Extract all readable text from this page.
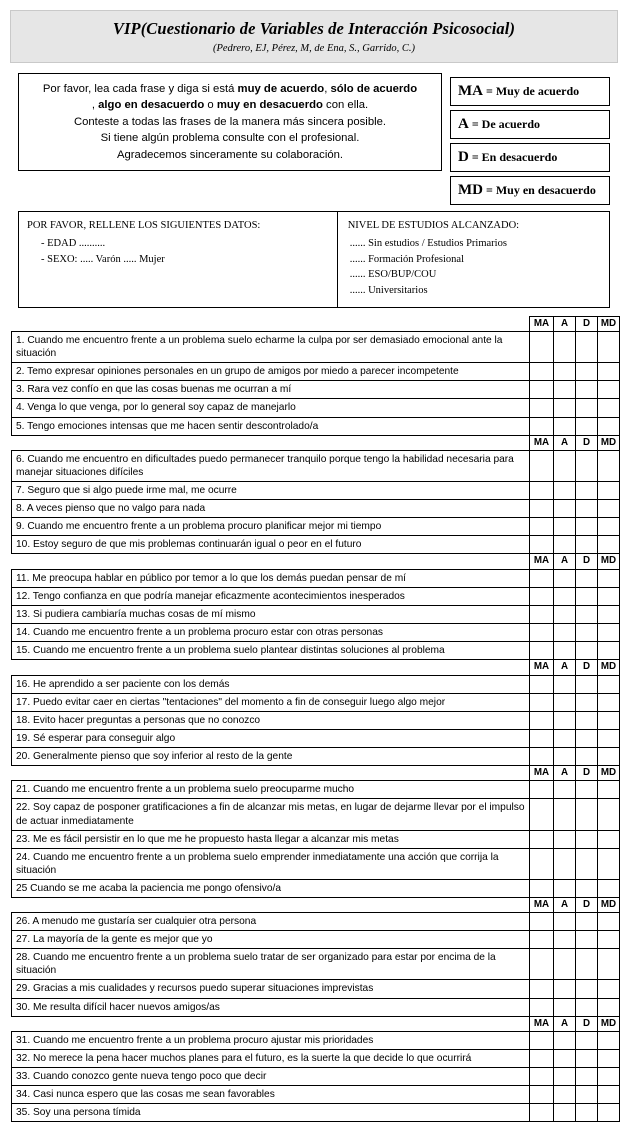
VIP(Cuestionario de Variables de Interacción Psicosocial)
(Pedrero, EJ, Pérez, M, de Ena, S., Garrido, C.)
Por favor, lea cada frase y diga si está muy de acuerdo, sólo de acuerdo
, algo en desacuerdo o muy en desacuerdo con ella.
Conteste a todas las frases de la manera más sincera posible.
Si tiene algún problema consulte con el profesional.
Agradecemos sinceramente su colaboración.
MA = Muy de acuerdo
A = De acuerdo
D = En desacuerdo
MD = Muy en desacuerdo
POR FAVOR, RELLENE LOS SIGUIENTES DATOS:
- EDAD ..........
- SEXO: ..... Varón ..... Mujer
NIVEL DE ESTUDIOS ALCANZADO:
...... Sin estudios / Estudios Primarios
...... Formación Profesional
...... ESO/BUP/COU
...... Universitarios
	MA	A	D	MD
1. Cuando me encuentro frente a un problema suelo echarme la culpa por ser demasiado emocional ante la situación				
2. Temo expresar opiniones personales en un grupo de amigos por miedo a parecer incompetente				
3. Rara vez confío en que las cosas buenas me ocurran a mí				
4. Venga lo que venga, por lo general soy capaz de manejarlo				
5. Tengo emociones intensas que me hacen sentir descontrolado/a				
	MA	A	D	MD
6. Cuando me encuentro en dificultades puedo permanecer tranquilo porque tengo la habilidad necesaria para manejar situaciones difíciles				
7. Seguro que si algo puede irme mal, me ocurre				
8. A veces pienso que no valgo para nada				
9. Cuando me encuentro frente a un problema procuro planificar mejor mi tiempo				
10. Estoy seguro de que mis problemas continuarán igual o peor en el futuro				
	MA	A	D	MD
11. Me preocupa hablar en público por temor a lo que los demás puedan pensar de mí				
12. Tengo confianza en que podría manejar eficazmente acontecimientos inesperados				
13. Si pudiera cambiaría muchas cosas de mí mismo				
14. Cuando me encuentro frente a un problema procuro estar con otras personas				
15. Cuando me encuentro frente a un problema suelo plantear distintas soluciones al problema				
	MA	A	D	MD
16. He aprendido a ser paciente con los demás				
17. Puedo evitar caer en ciertas "tentaciones" del momento a fin de conseguir luego algo mejor				
18. Evito hacer preguntas a personas que no conozco				
19. Sé esperar para conseguir algo				
20. Generalmente pienso que soy inferior al resto de la gente				
	MA	A	D	MD
21. Cuando me encuentro frente a un problema suelo preocuparme mucho				
22. Soy capaz de posponer gratificaciones a fin de alcanzar mis metas, en lugar de dejarme llevar por el impulso de actuar inmediatamente				
23. Me es fácil persistir en lo que me he propuesto hasta llegar a alcanzar mis metas				
24. Cuando me encuentro frente a un problema suelo emprender inmediatamente una acción que corrija la situación				
25 Cuando se me acaba la paciencia me pongo ofensivo/a				
	MA	A	D	MD
26. A menudo me gustaría ser cualquier otra persona				
27. La mayoría de la gente es mejor que yo				
28. Cuando me encuentro frente a un problema suelo tratar de ser organizado para estar por encima de la situación				
29. Gracias a mis cualidades y recursos puedo superar situaciones imprevistas				
30. Me resulta difícil hacer nuevos amigos/as				
	MA	A	D	MD
31. Cuando me encuentro frente a un problema procuro ajustar mis prioridades				
32. No merece la pena hacer muchos planes para el futuro, es la suerte la que decide lo que ocurrirá				
33. Cuando conozco gente nueva tengo poco que decir				
34. Casi nunca espero que las cosas me sean favorables				
35. Soy una persona tímida				
